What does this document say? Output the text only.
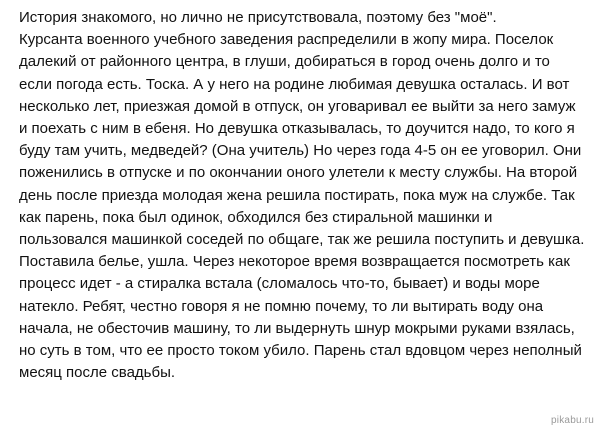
История знакомого, но лично не присутствовала, поэтому без "моё".
Курсанта военного учебного заведения распределили в жопу мира. Поселок
далекий от районного центра, в глуши, добираться в город очень долго и то
если погода есть. Тоска. А у него на родине любимая девушка осталась. И вот
несколько лет, приезжая домой в отпуск, он уговаривал ее выйти за него замуж
и поехать с ним в ебеня. Но девушка отказывалась, то доучится надо, то кого я
буду там учить, медведей? (Она учитель) Но через года 4-5 он ее уговорил. Они
поженились в отпуске и по окончании оного улетели к месту службы. На второй
день после приезда молодая жена решила постирать, пока муж на службе. Так
как парень, пока был одинок, обходился без стиральной машинки и
пользовался машинкой соседей по общаге, так же решила поступить и девушка.
Поставила белье, ушла. Через некоторое время возвращается посмотреть как
процесс идет - а стиралка встала (сломалось что-то, бывает) и воды море
натекло. Ребят, честно говоря я не помню почему, то ли вытирать воду она
начала, не обесточив машину, то ли выдернуть шнур мокрыми руками взялась,
но суть в том, что ее просто током убило. Парень стал вдовцом через неполный
месяц после свадьбы.
pikabu.ru
